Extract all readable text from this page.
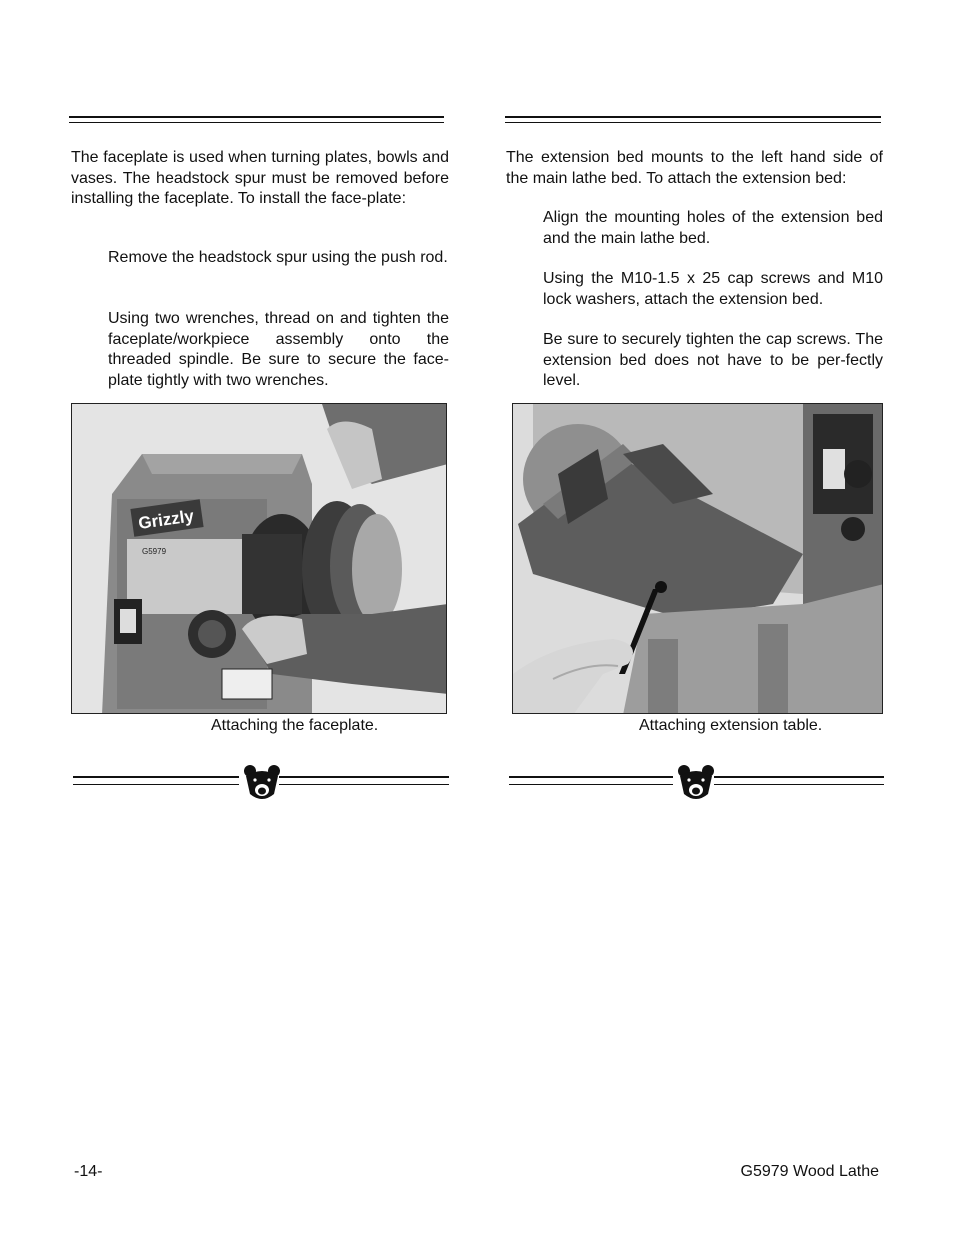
The faceplate is used when turning plates, bowls and vases. The headstock spur must be removed before installing the faceplate. To install the face-plate:

Remove the headstock spur using the push rod.

Using two wrenches, thread on and tighten the faceplate/workpiece assembly onto the threaded spindle. Be sure to secure the face-plate tightly with two wrenches.

Grizzly
G5979
Attaching the faceplate.

The extension bed mounts to the left hand side of the main lathe bed. To attach the extension bed:

Align the mounting holes of the extension bed and the main lathe bed.

Using the M10-1.5 x 25 cap screws and M10 lock washers, attach the extension bed.

Be sure to securely tighten the cap screws. The extension bed does not have to be per-fectly level.

Attaching extension table.
-14-	G5979 Wood Lathe
